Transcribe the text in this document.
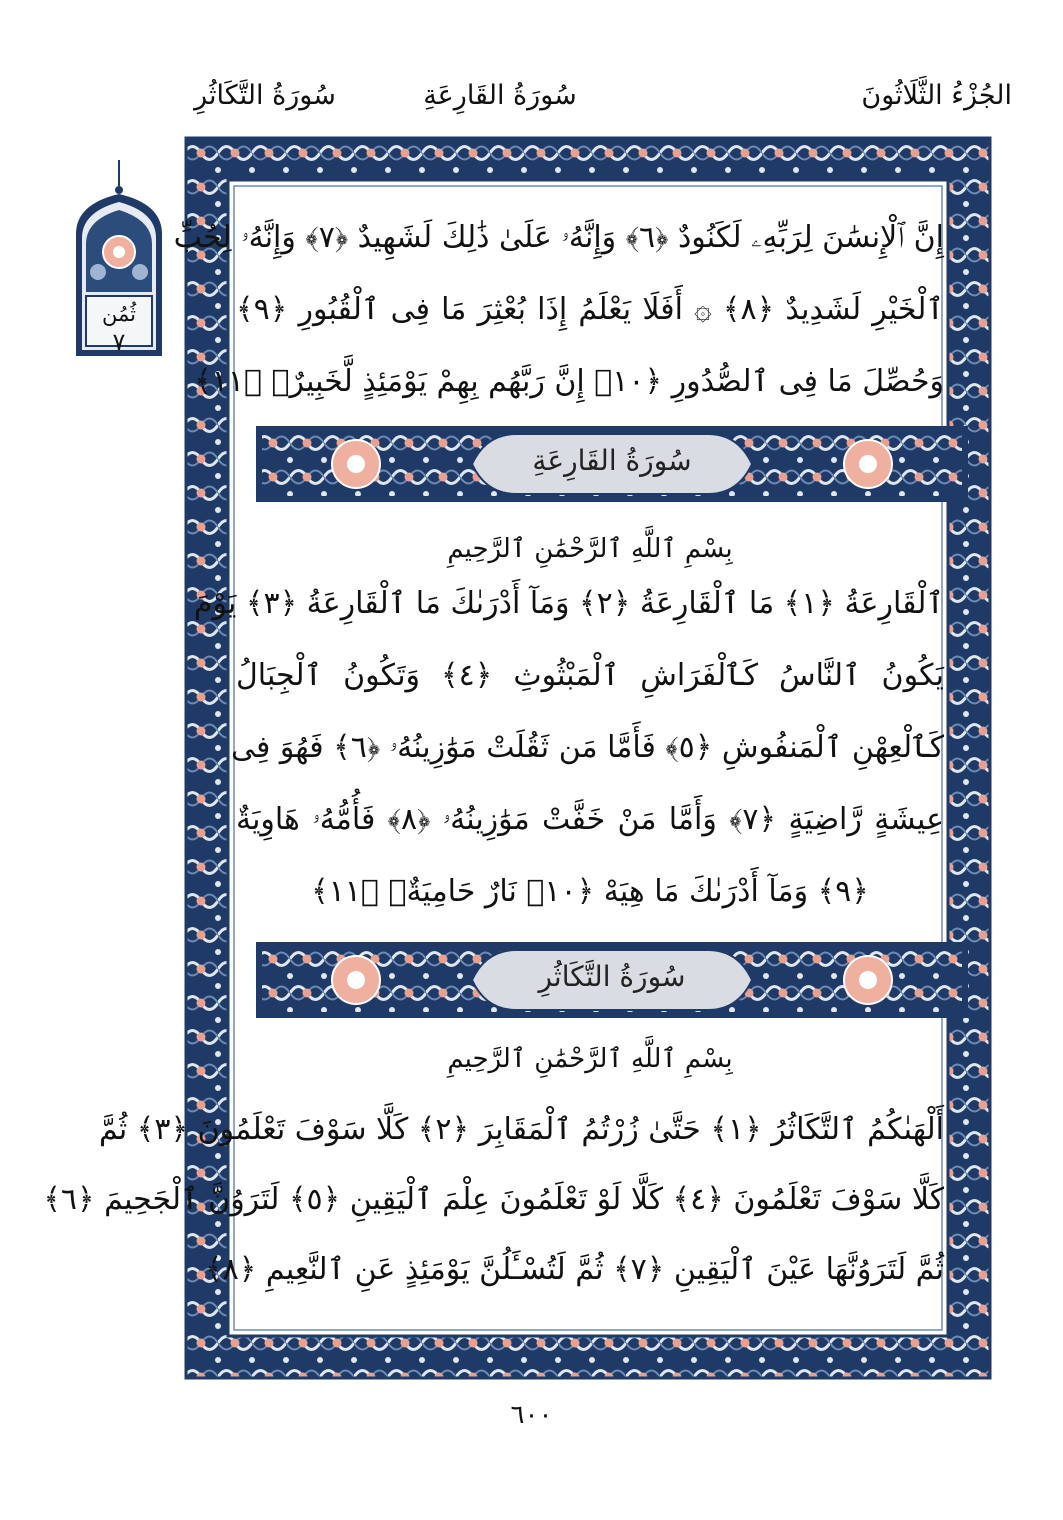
الجُزْءُ الثَّلَاثُونَ
سُورَةُ القَارِعَةِ
سُورَةُ التَّكَاثُرِ
ثُمُن
٧
إِنَّ ٱلْإِنسَٰنَ لِرَبِّهِۦ لَكَنُودٌ ﴿٦﴾ وَإِنَّهُۥ عَلَىٰ ذَٰلِكَ لَشَهِيدٌ ﴿٧﴾ وَإِنَّهُۥ لِحُبِّ
ٱلْخَيْرِ لَشَدِيدٌ ﴿٨﴾ ۞ أَفَلَا يَعْلَمُ إِذَا بُعْثِرَ مَا فِى ٱلْقُبُورِ ﴿٩﴾
وَحُصِّلَ مَا فِى ٱلصُّدُورِ ﴿١٠﴾ إِنَّ رَبَّهُم بِهِمْ يَوْمَئِذٍ لَّخَبِيرٌۢ ﴿١١﴾
سُورَةُ القَارِعَةِ
بِسْمِ ٱللَّهِ ٱلرَّحْمَٰنِ ٱلرَّحِيمِ
ٱلْقَارِعَةُ ﴿١﴾ مَا ٱلْقَارِعَةُ ﴿٢﴾ وَمَآ أَدْرَىٰكَ مَا ٱلْقَارِعَةُ ﴿٣﴾ يَوْمَ
يَكُونُ ٱلنَّاسُ كَٱلْفَرَاشِ ٱلْمَبْثُوثِ ﴿٤﴾ وَتَكُونُ ٱلْجِبَالُ
كَٱلْعِهْنِ ٱلْمَنفُوشِ ﴿٥﴾ فَأَمَّا مَن ثَقُلَتْ مَوَٰزِينُهُۥ ﴿٦﴾ فَهُوَ فِى
عِيشَةٍ رَّاضِيَةٍ ﴿٧﴾ وَأَمَّا مَنْ خَفَّتْ مَوَٰزِينُهُۥ ﴿٨﴾ فَأُمُّهُۥ هَاوِيَةٌ
﴿٩﴾ وَمَآ أَدْرَىٰكَ مَا هِيَهْ ﴿١٠﴾ نَارٌ حَامِيَةٌۢ ﴿١١﴾
سُورَةُ التَّكَاثُرِ
بِسْمِ ٱللَّهِ ٱلرَّحْمَٰنِ ٱلرَّحِيمِ
أَلْهَىٰكُمُ ٱلتَّكَاثُرُ ﴿١﴾ حَتَّىٰ زُرْتُمُ ٱلْمَقَابِرَ ﴿٢﴾ كَلَّا سَوْفَ تَعْلَمُونَ ﴿٣﴾ ثُمَّ
كَلَّا سَوْفَ تَعْلَمُونَ ﴿٤﴾ كَلَّا لَوْ تَعْلَمُونَ عِلْمَ ٱلْيَقِينِ ﴿٥﴾ لَتَرَوُنَّ ٱلْجَحِيمَ ﴿٦﴾
ثُمَّ لَتَرَوُنَّهَا عَيْنَ ٱلْيَقِينِ ﴿٧﴾ ثُمَّ لَتُسْـَٔلُنَّ يَوْمَئِذٍ عَنِ ٱلنَّعِيمِ ﴿٨﴾
٦٠٠
